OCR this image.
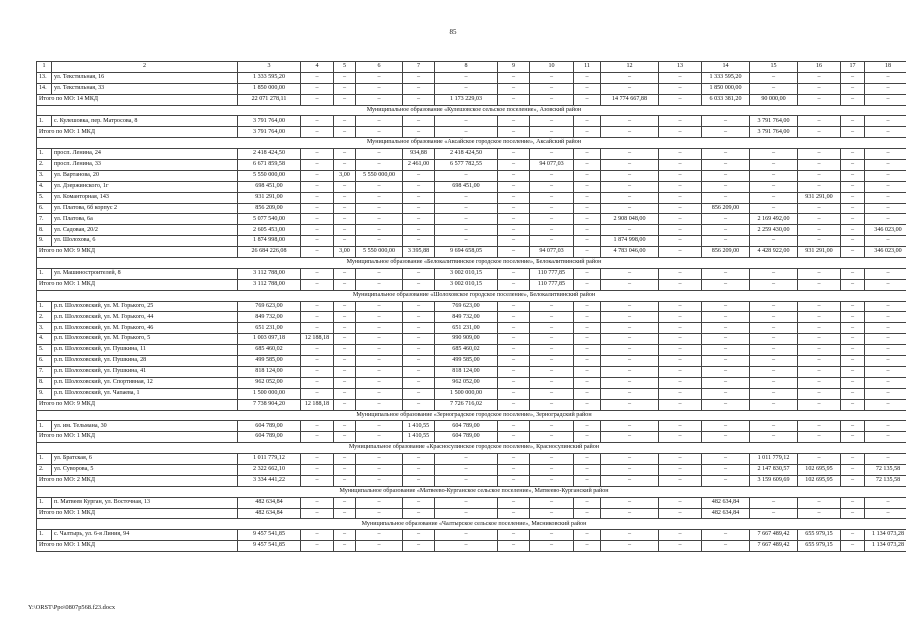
85
1	2	3	4	5	6	7	8	9	10	11	12	13	14	15	16	17	18
13.	ул. Текстильная, 16	1 333 595,20	–	–	–	–	–	–	–	–	–	–	1 333 595,20	–	–	–	–
14.	ул. Текстильная, 33	1 850 000,00	–	–	–	–	–	–	–	–	–	–	1 850 000,00	–	–	–	–
Итого по МО: 14 МКД		22 071 278,11	–	–	–	–	1 173 229,03	–	–	–	14 774 667,88	–	6 033 381,20	90 000,00	–	–	–
Муниципальное образование «Кулешовское сельское поселение», Азовский район																	
1.	с. Кулешовка, пер. Матросова, 8	3 791 764,00	–	–	–	–	–	–	–	–	–	–	–	3 791 764,00	–	–	–
Итого по МО: 1 МКД		3 791 764,00	–	–	–	–	–	–	–	–	–	–	–	3 791 764,00	–	–	–
Муниципальное образование «Аксайское городское поселение», Аксайский район																	
1.	просп. Ленина, 24	2 418 424,50	–	–	–	934,88	2 418 424,50	–	–	–	–	–	–	–	–	–	–
2.	просп. Ленина, 33	6 671 859,58	–	–	–	2 461,00	6 577 782,55	–	94 077,03	–	–	–	–	–	–	–	–
3.	ул. Вартанова, 20	5 550 000,00	–	3,00	5 550 000,00	–	–	–	–	–	–	–	–	–	–	–	–
4.	ул. Дзержинского, 1г	698 451,00	–	–	–	–	698 451,00	–	–	–	–	–	–	–	–	–	–
5.	ул. Команторная, 143	931 291,00	–	–	–	–	–	–	–	–	–	–	–	–	931 291,00	–	–
6.	ул. Платова, 6б корпус 2	856 209,00	–	–	–	–	–	–	–	–	–	–	856 209,00	–	–	–	–
7.	ул. Платова, 6а	5 077 540,00	–	–	–	–	–	–	–	–	2 908 048,00	–	–	2 169 492,00	–	–	–
8.	ул. Садовая, 20/2	2 605 453,00	–	–	–	–	–	–	–	–	–	–	–	2 259 430,00	–	–	346 023,00
9.	ул. Шолохова, 6	1 874 998,00	–	–	–	–	–	–	–	–	1 874 998,00	–	–	–	–	–	–
Итого по МО: 9 МКД		26 684 226,08	–	3,00	5 550 000,00	3 395,88	9 694 658,05	–	94 077,03	–	4 783 046,00	–	856 209,00	4 428 922,00	931 291,00	–	346 023,00
Муниципальное образование «Белокалитвинское городское поселение», Белокалитвинский район																	
1.	ул. Машиностроителей, 8	3 112 788,00	–	–	–	–	3 002 010,15	–	110 777,85	–	–	–	–	–	–	–	–
Итого по МО: 1 МКД		3 112 788,00	–	–	–	–	3 002 010,15	–	110 777,85	–	–	–	–	–	–	–	–
Муниципальное образование «Шолоховское городское поселение», Белокалитвинский район																	
1.	р.п. Шолоховский, ул. М. Горького, 25	769 623,00	–	–	–	–	769 623,00	–	–	–	–	–	–	–	–	–	–
2.	р.п. Шолоховский, ул. М. Горького, 44	849 732,00	–	–	–	–	849 732,00	–	–	–	–	–	–	–	–	–	–
3.	р.п. Шолоховский, ул. М. Горького, 46	651 231,00	–	–	–	–	651 231,00	–	–	–	–	–	–	–	–	–	–
4.	р.п. Шолоховский, ул. М. Горького, 5	1 003 097,18	12 188,18	–	–	–	990 909,00	–	–	–	–	–	–	–	–	–	–
5.	р.п. Шолоховский, ул. Пушкина, 11	685 460,02	–	–	–	–	685 460,02	–	–	–	–	–	–	–	–	–	–
6.	р.п. Шолоховский, ул. Пушкина, 28	499 585,00	–	–	–	–	499 585,00	–	–	–	–	–	–	–	–	–	–
7.	р.п. Шолоховский, ул. Пушкина, 41	818 124,00	–	–	–	–	818 124,00	–	–	–	–	–	–	–	–	–	–
8.	р.п. Шолоховский, ул. Спортивная, 12	962 052,00	–	–	–	–	962 052,00	–	–	–	–	–	–	–	–	–	–
9.	р.п. Шолоховский, ул. Чапаева, 1	1 500 000,00	–	–	–	–	1 500 000,00	–	–	–	–	–	–	–	–	–	–
Итого по МО: 9 МКД		7 738 904,20	12 188,18	–	–	–	7 726 716,02	–	–	–	–	–	–	–	–	–	–
Муниципальное образование «Зерноградское городское поселение», Зерноградский район																	
1.	ул. им. Тельмана, 30	604 789,00	–	–	–	1 410,55	604 789,00	–	–	–	–	–	–	–	–	–	–
Итого по МО: 1 МКД		604 789,00	–	–	–	1 410,55	604 789,00	–	–	–	–	–	–	–	–	–	–
Муниципальное образование «Красносулинское городское поселение», Красносулинский район																	
1.	ул. Братская, 6	1 011 779,12	–	–	–	–	–	–	–	–	–	–	–	1 011 779,12	–	–	–
2.	ул. Суворова, 5	2 322 662,10	–	–	–	–	–	–	–	–	–	–	–	2 147 830,57	102 695,95	–	72 135,58
Итого по МО: 2 МКД		3 334 441,22	–	–	–	–	–	–	–	–	–	–	–	3 159 609,69	102 695,95	–	72 135,58
Муниципальное образование «Матвеево-Курганское сельское поселение», Матвеево-Курганский район																	
1.	п. Матвеев Курган, ул. Восточная, 13	482 634,84	–	–	–	–	–	–	–	–	–	–	482 634,84	–	–	–	–
Итого по МО: 1 МКД		482 634,84	–	–	–	–	–	–	–	–	–	–	482 634,84	–	–	–	–
Муниципальное образование «Чалтырское сельское поселение», Мясниковский район																	
1.	с. Чалтырь, ул. 6-я Линия, 94	9 457 541,85	–	–	–	–	–	–	–	–	–	–	–	7 667 489,42	655 979,15	–	1 134 073,28
Итого по МО: 1 МКД		9 457 541,85	–	–	–	–	–	–	–	–	–	–	–	7 667 489,42	655 979,15	–	1 134 073,28
Y:\ORST\Ppo\0807p568.f23.docx
